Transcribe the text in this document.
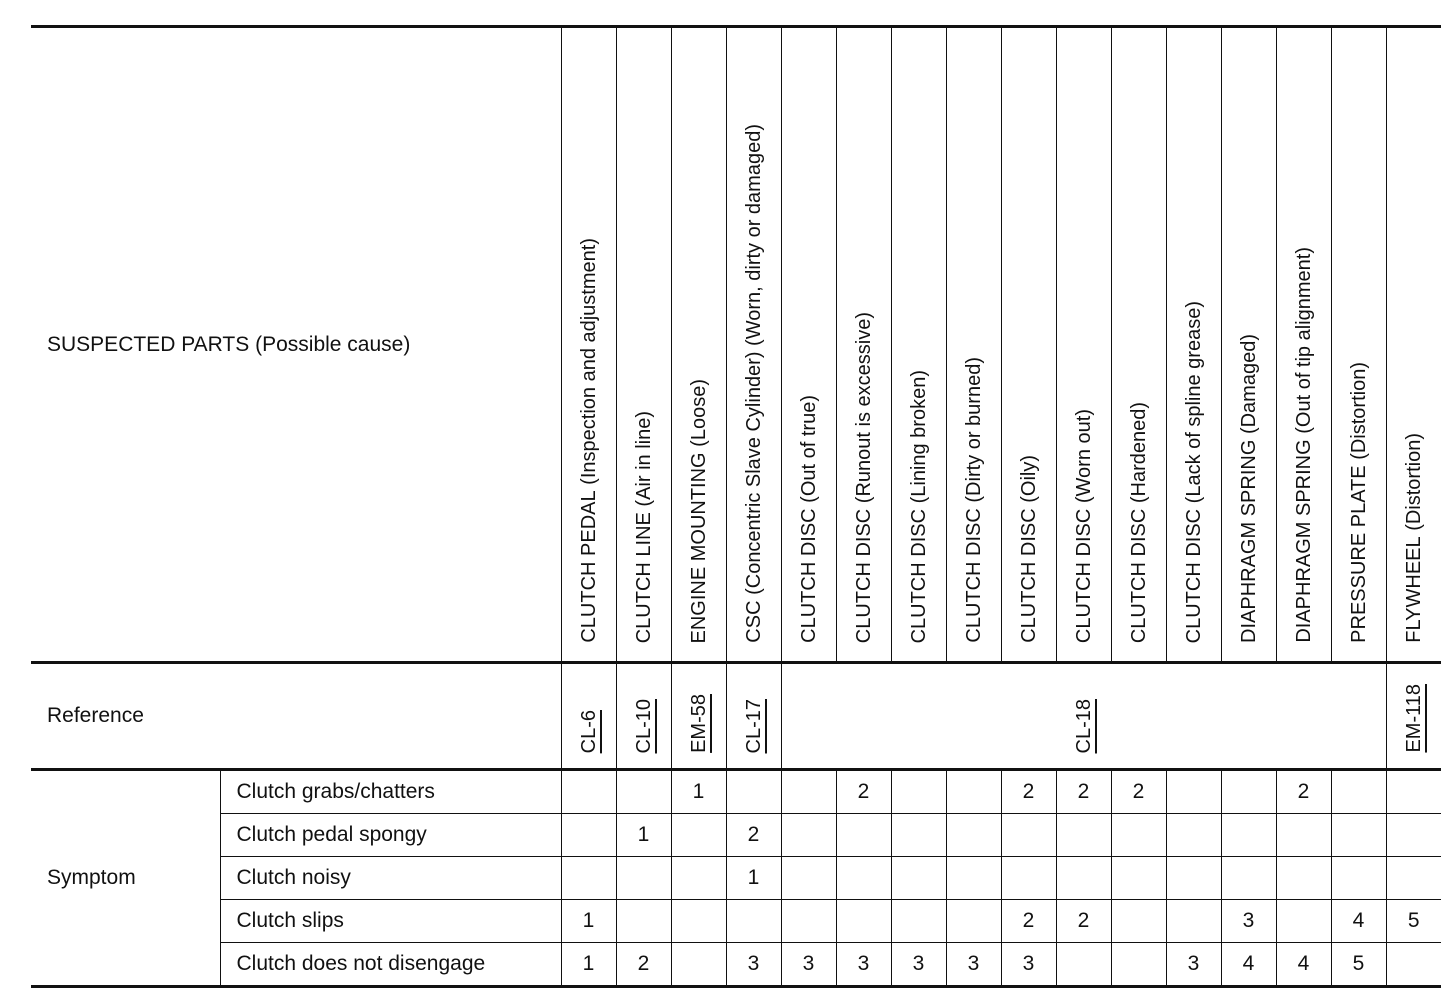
SUSPECTED PARTS (Possible cause)		CLUTCH PEDAL (Inspection and adjustment)	CLUTCH LINE (Air in line)	ENGINE MOUNTING (Loose)	CSC (Concentric Slave Cylinder) (Worn, dirty or damaged)	CLUTCH DISC (Out of true)	CLUTCH DISC (Runout is excessive)	CLUTCH DISC (Lining broken)	CLUTCH DISC (Dirty or burned)	CLUTCH DISC (Oily)	CLUTCH DISC (Worn out)	CLUTCH DISC (Hardened)	CLUTCH DISC (Lack of spline grease)	DIAPHRAGM SPRING (Damaged)	DIAPHRAGM SPRING (Out of tip alignment)	PRESSURE PLATE (Distortion)	FLYWHEEL (Distortion)

Reference		CL-6	CL-10	EM-58	CL-17	CL-18											EM-118

Symptom	Clutch grabs/chatters			1			2			2	2	2			2		
	Clutch pedal spongy		1		2												
	Clutch noisy				1												
	Clutch slips	1								2	2			3		4	5
	Clutch does not disengage	1	2		3	3	3	3	3	3			3	4	4	5	
